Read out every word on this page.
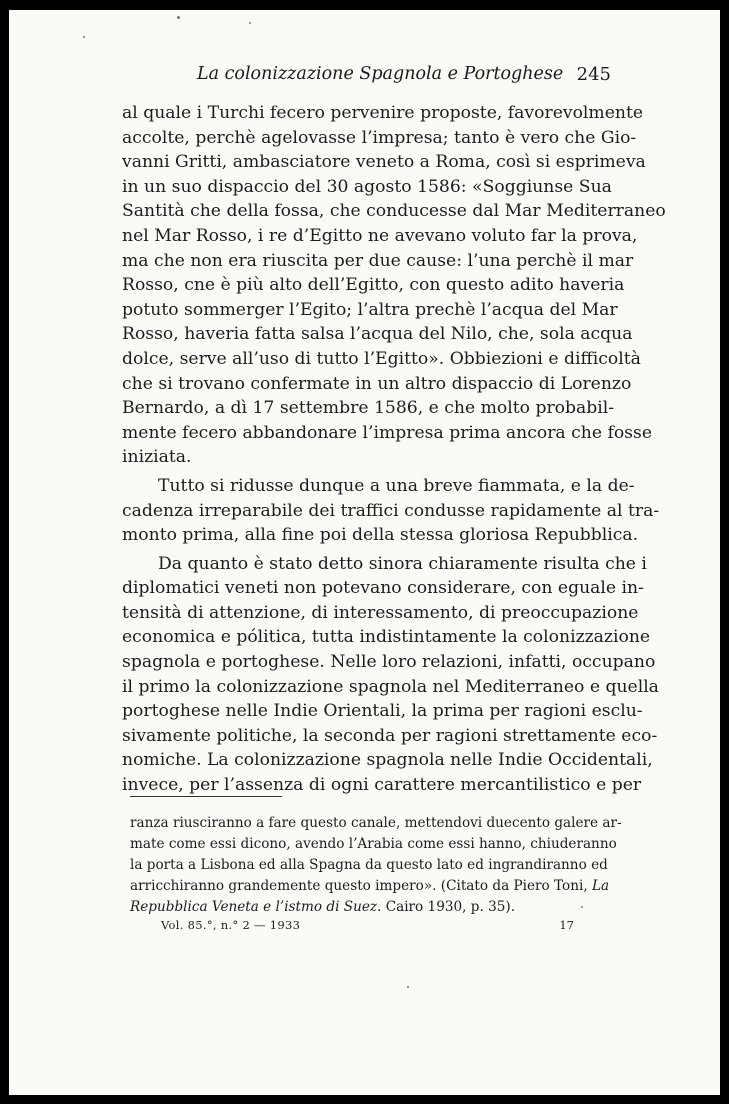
La colonizzazione Spagnola e Portoghese 245
al quale i Turchi fecero pervenire proposte, favorevolmente
accolte, perchè agelovasse l’impresa; tanto è vero che Gio-
vanni Gritti, ambasciatore veneto a Roma, così si esprimeva
in un suo dispaccio del 30 agosto 1586: «Soggiunse Sua
Santità che della fossa, che conducesse dal Mar Mediterraneo
nel Mar Rosso, i re d’Egitto ne avevano voluto far la prova,
ma che non era riuscita per due cause: l’una perchè il mar
Rosso, cne è più alto dell’Egitto, con questo adito haveria
potuto sommerger l’Egito; l’altra prechè l’acqua del Mar
Rosso, haveria fatta salsa l’acqua del Nilo, che, sola acqua
dolce, serve all’uso di tutto l’Egitto». Obbiezioni e difficoltà
che si trovano confermate in un altro dispaccio di Lorenzo
Bernardo, a dì 17 settembre 1586, e che molto probabil-
mente fecero abbandonare l’impresa prima ancora che fosse
iniziata.
Tutto si ridusse dunque a una breve fiammata, e la de-
cadenza irreparabile dei traffici condusse rapidamente al tra-
monto prima, alla fine poi della stessa gloriosa Repubblica.
Da quanto è stato detto sinora chiaramente risulta che i
diplomatici veneti non potevano considerare, con eguale in-
tensità di attenzione, di interessamento, di preoccupazione
economica e pólitica, tutta indistintamente la colonizzazione
spagnola e portoghese. Nelle loro relazioni, infatti, occupano
il primo la colonizzazione spagnola nel Mediterraneo e quella
portoghese nelle Indie Orientali, la prima per ragioni esclu-
sivamente politiche, la seconda per ragioni strettamente eco-
nomiche. La colonizzazione spagnola nelle Indie Occidentali,
invece, per l’assenza di ogni carattere mercantilistico e per
ranza riusciranno a fare questo canale, mettendovi duecento galere ar-
mate come essi dicono, avendo l’Arabia come essi hanno, chiuderanno
la porta a Lisbona ed alla Spagna da questo lato ed ingrandiranno ed
arricchiranno grandemente questo impero». (Citato da Piero Toni, La
Repubblica Veneta e l’istmo di Suez. Cairo 1930, p. 35).
Vol. 85.°, n.° 2 — 1933	17
